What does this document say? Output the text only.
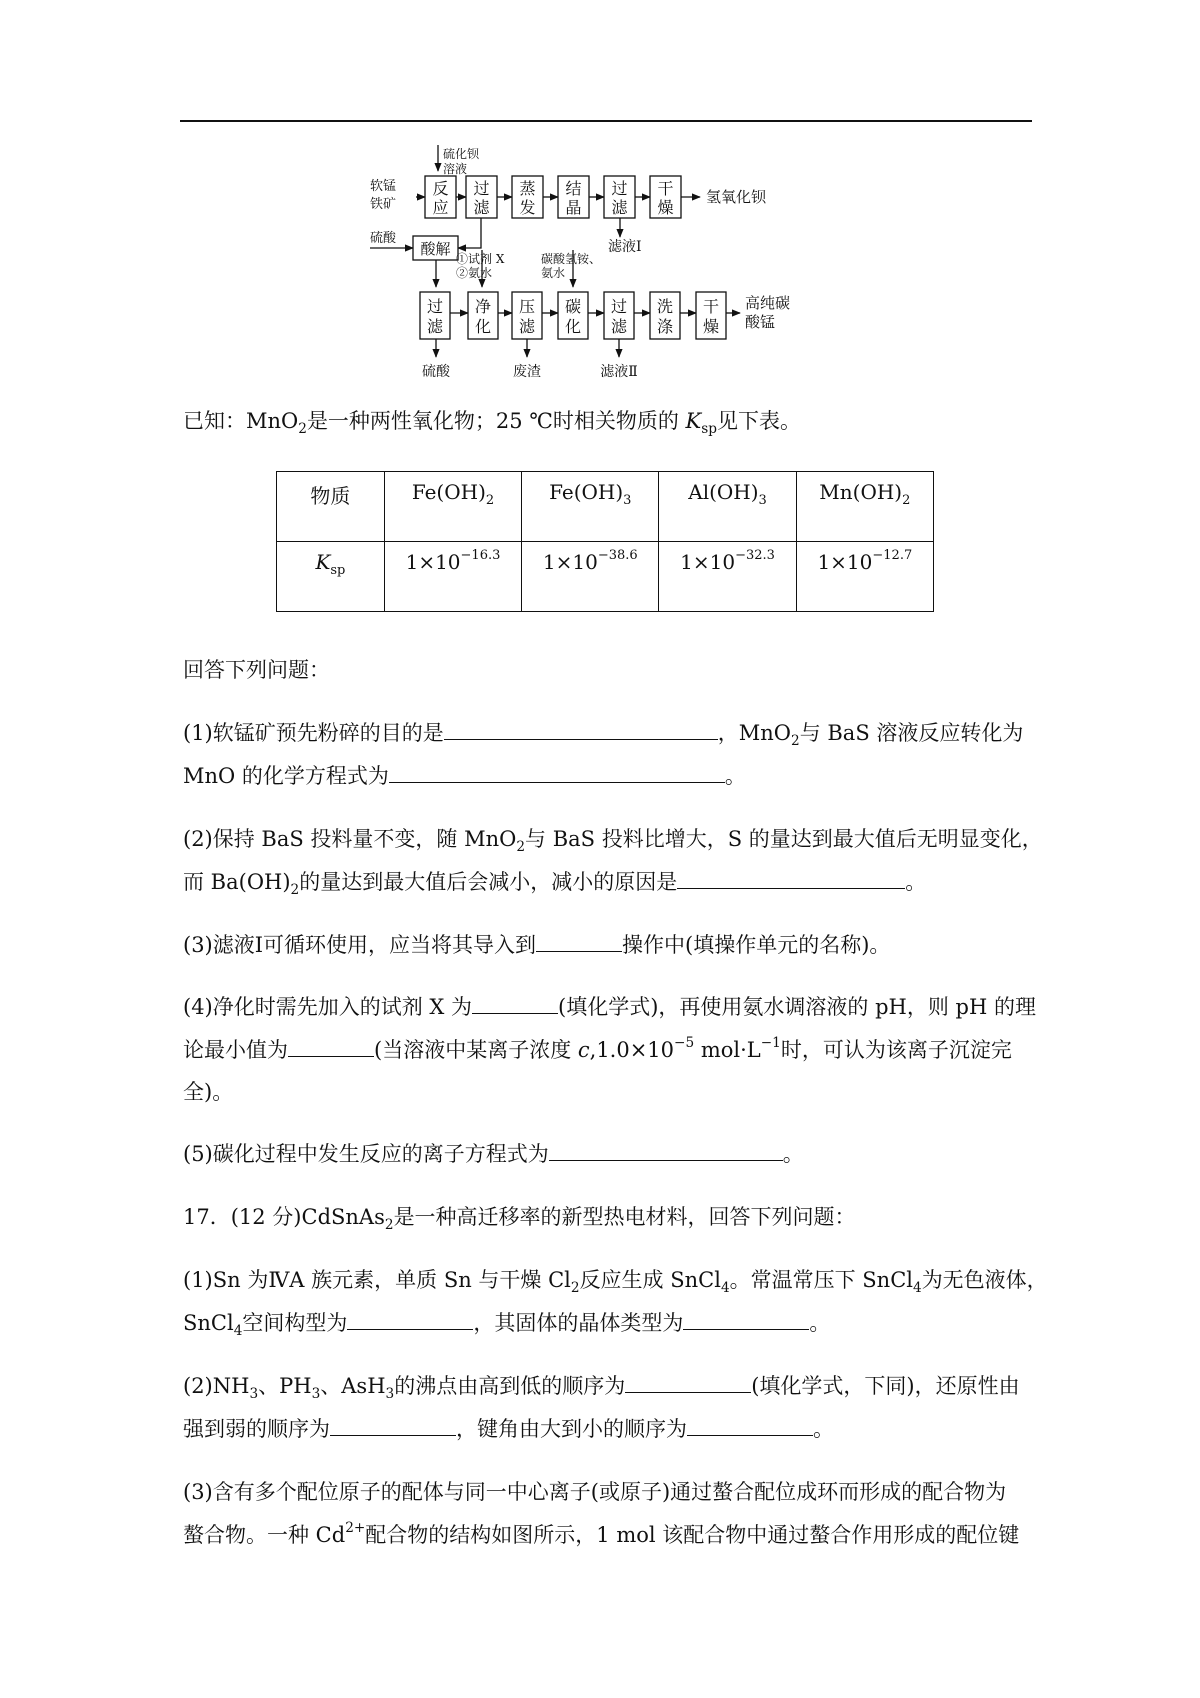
反
应
过
滤
蒸
发
结
晶
过
滤
干
燥
过
滤
净
化
压
滤
碳
化
过
滤
洗
涤
干
燥
酸解
硫化钡
溶液
软锰
铁矿
硫酸
氢氧化钡
滤液Ⅰ
①试剂 X
②氨水
碳酸氢铵、
氨水
高纯碳
酸锰
硫酸	废渣	滤液Ⅱ
已知：MnO$_2$是一种两性氧化物；25 ℃时相关物质的 $K_{sp}$见下表。
物质	$Fe(OH)_2$	$Fe(OH)_3$	$Al(OH)_3$	$Mn(OH)_2$
$K_{sp}$	$1\times 10^{-16.3}$	$1\times 10^{-38.6}$	$1\times 10^{-32.3}$	$1\times 10^{-12.7}$
回答下列问题：
(1)软锰矿预先粉碎的目的是	，MnO$_2$与 BaS 溶液反应转化为
MnO 的化学方程式为	。
(2)保持 BaS 投料量不变，随 MnO$_2$与 BaS 投料比增大，S 的量达到最大值后无明显变化，
而 $Ba(OH)_2$的量达到最大值后会减小，减小的原因是	。
(3)滤液Ⅰ可循环使用，应当将其导入到	操作中(填操作单元的名称)。
(4)净化时需先加入的试剂 X 为	(填化学式)，再使用氨水调溶液的 pH，则 pH 的理
论最小值为	(当溶液中某离子浓度 $c,1.0\times 10^{-5}$ $mol\cdot L^{-1}$时，可认为该离子沉淀完
全)。
(5)碳化过程中发生反应的离子方程式为	。
17．(12 分)CdSnAs$_2$是一种高迁移率的新型热电材料，回答下列问题：
(1)Sn 为ⅣA 族元素，单质 Sn 与干燥 $Cl_2$反应生成 SnCl$_4$。常温常压下 SnCl$_4$为无色液体，
SnCl$_4$空间构型为	，其固体的晶体类型为	。
$(2)NH_3$、$PH_3$、AsH$_3$的沸点由高到低的顺序为	(填化学式，下同)，还原性由
强到弱的顺序为	，键角由大到小的顺序为	。
(3)含有多个配位原子的配体与同一中心离子(或原子)通过螯合配位成环而形成的配合物为
螯合物。一种 $Cd^{2+}$配合物的结构如图所示，1 mol 该配合物中通过螯合作用形成的配位键
